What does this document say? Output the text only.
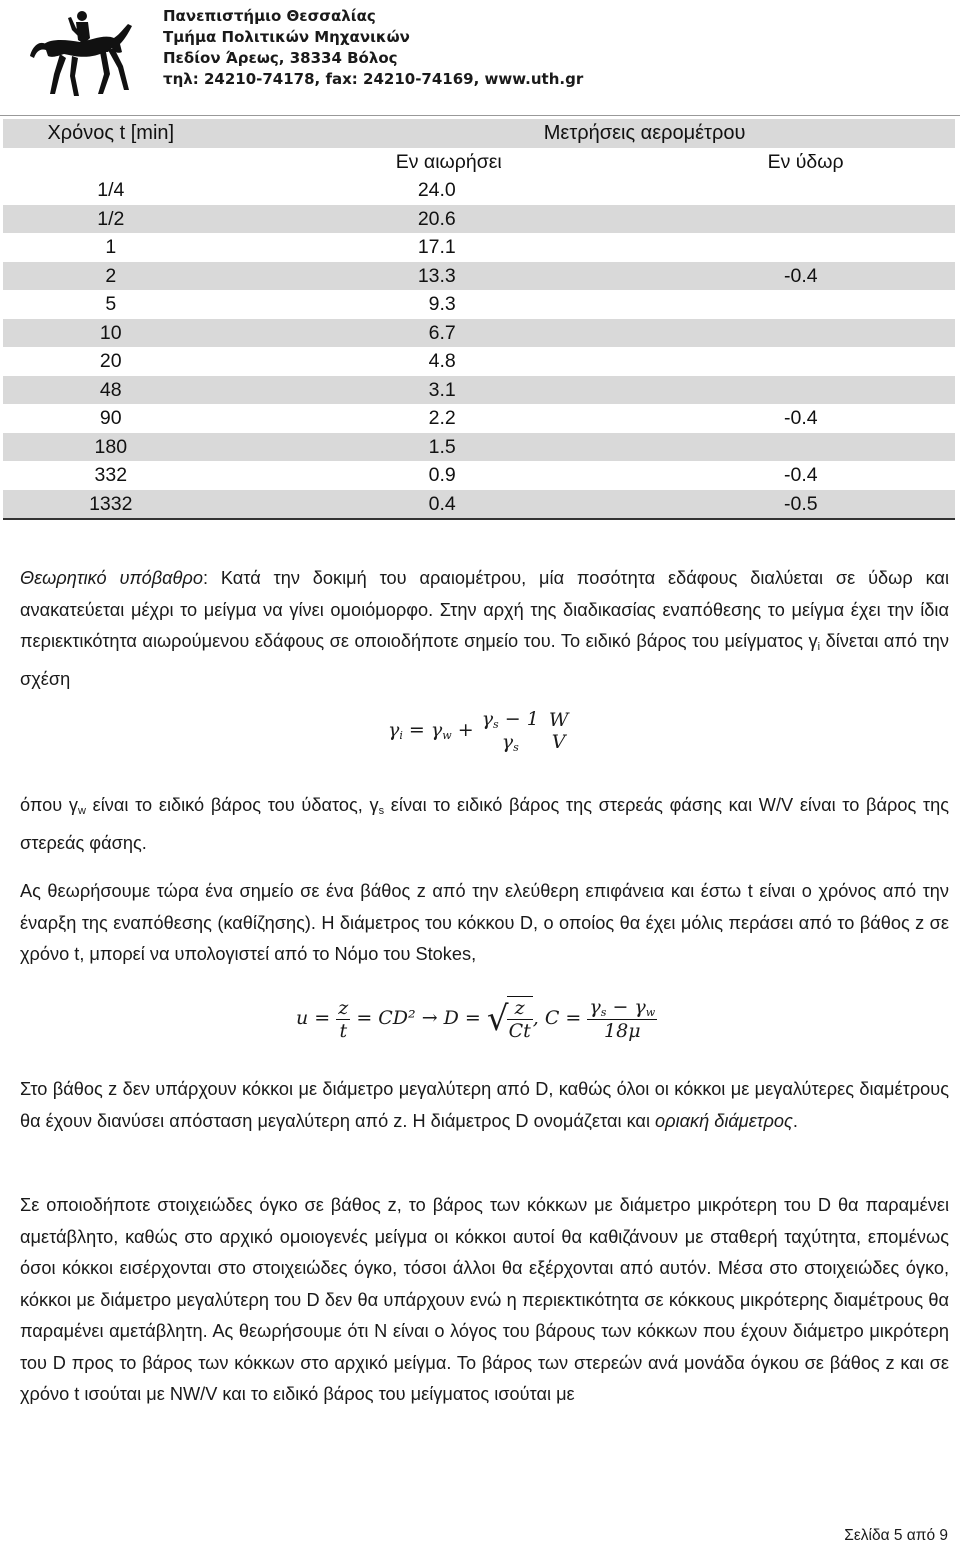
Πανεπιστήμιο Θεσσαλίας
Τμήμα Πολιτικών Μηχανικών
Πεδίον Άρεως, 38334 Βόλος
τηλ: 24210-74178, fax: 24210-74169, www.uth.gr
Χρόνος t [min]		Μετρήσεις αερομέτρου	
	Εν αιωρήσει	Εν ύδωρ	
1/4	24.0		
1/2	20.6		
1	17.1		
2	13.3	-0.4	
5	9.3		
10	6.7		
20	4.8		
48	3.1		
90	2.2	-0.4	
180	1.5		
332	0.9	-0.4	
1332	0.4	-0.5	

Θεωρητικό υπόβαθρο: Κατά την δοκιμή του αραιομέτρου, μία ποσότητα εδάφους διαλύεται σε ύδωρ και ανακατεύεται μέχρι το μείγμα να γίνει ομοιόμορφο. Στην αρχή της διαδικασίας εναπόθεσης το μείγμα έχει την ίδια περιεκτικότητα αιωρούμενου εδάφους σε οποιοδήποτε σημείο του. Το ειδικό βάρος του μείγματος $\gamma_i$ δίνεται από την σχέση

$\gamma_i = \gamma_w + \gamma_s - 1$
$\gamma_s$

W
V

όπου $\gamma_w$ είναι το ειδικό βάρος του ύδατος, $\gamma_s$ είναι το ειδικό βάρος της στερεάς φάσης και W/V είναι το βάρος της στερεάς φάσης.

Ας θεωρήσουμε τώρα ένα σημείο σε ένα βάθος z από την ελεύθερη επιφάνεια και έστω t είναι ο χρόνος από την έναρξη της εναπόθεσης (καθίζησης). Η διάμετρος του κόκκου D, ο οποίος θα έχει μόλις περάσει από το βάθος z σε χρόνο t, μπορεί να υπολογιστεί από το Νόμο του Stokes,

$u = \frac{z}{t} = CD^2 \to D$ = √
$\frac{z}{Ct}$ , $C = \frac{\gamma_s - \gamma_w}{18\mu}$

Στο βάθος z δεν υπάρχουν κόκκοι με διάμετρο μεγαλύτερη από D, καθώς όλοι οι κόκκοι με μεγαλύτερες διαμέτρους θα έχουν διανύσει απόσταση μεγαλύτερη από z. Η διάμετρος D ονομάζεται και οριακή διάμετρος.

Σε οποιοδήποτε στοιχειώδες όγκο σε βάθος z, το βάρος των κόκκων με διάμετρο μικρότερη του D θα παραμένει αμετάβλητο, καθώς στο αρχικό ομοιογενές μείγμα οι κόκκοι αυτοί θα καθιζάνουν με σταθερή ταχύτητα, επομένως όσοι κόκκοι εισέρχονται στο στοιχειώδες όγκο, τόσοι άλλοι θα εξέρχονται από αυτόν. Μέσα στο στοιχειώδες όγκο, κόκκοι με διάμετρο μεγαλύτερη του D δεν θα υπάρχουν ενώ η περιεκτικότητα σε κόκκους μικρότερης διαμέτρους θα παραμένει αμετάβλητη. Ας θεωρήσουμε ότι Ν είναι ο λόγος του βάρους των κόκκων που έχουν διάμετρο μικρότερη του D προς το βάρος των κόκκων στο αρχικό μείγμα. Το βάρος των στερεών ανά μονάδα όγκου σε βάθος z και σε χρόνο t ισούται με NW/V και το ειδικό βάρος του μείγματος ισούται με

Σελίδα 5 από 9
